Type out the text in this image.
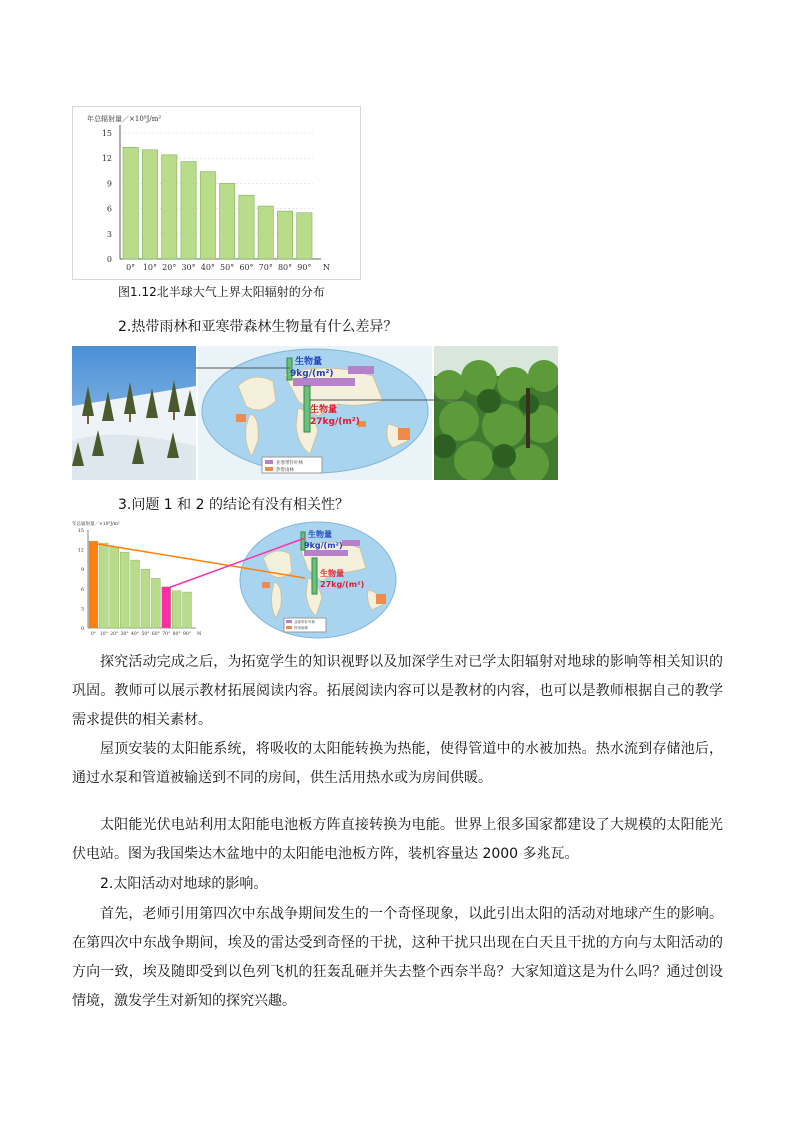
年总辐射量／×10⁹J/m²
0
3
6
9
12
15
0° 10° 20° 30° 40° 50° 60° 70° 80° 90° N
图1.12北半球大气上界太阳辐射的分布
2.热带雨林和亚寒带森林生物量有什么差异？
生物量
9kg/(m²)
生物量
27kg/(m²)
亚寒带针叶林
热带雨林
3.问题 1 和 2 的结论有没有相关性？
年总辐射量／×10⁹J/m²
0
3
6
9
12
15
0° 10° 20° 30° 40° 50° 60° 70° 80° 90° N
生物量
9kg/(m²)
生物量
27kg/(m²)
亚寒带针叶林
热带雨林
探究活动完成之后，为拓宽学生的知识视野以及加深学生对已学太阳辐射对地球的影响等相关知识的巩固。教师可以展示教材拓展阅读内容。拓展阅读内容可以是教材的内容，也可以是教师根据自己的教学需求提供的相关素材。
屋顶安装的太阳能系统，将吸收的太阳能转换为热能，使得管道中的水被加热。热水流到存储池后，通过水泵和管道被输送到不同的房间，供生活用热水或为房间供暖。
太阳能光伏电站利用太阳能电池板方阵直接转换为电能。世界上很多国家都建设了大规模的太阳能光伏电站。图为我国柴达木盆地中的太阳能电池板方阵，装机容量达 2000 多兆瓦。
2.太阳活动对地球的影响。
首先，老师引用第四次中东战争期间发生的一个奇怪现象，以此引出太阳的活动对地球产生的影响。在第四次中东战争期间，埃及的雷达受到奇怪的干扰，这种干扰只出现在白天且干扰的方向与太阳活动的方向一致，埃及随即受到以色列飞机的狂轰乱砸并失去整个西奈半岛？大家知道这是为什么吗？通过创设情境，激发学生对新知的探究兴趣。
